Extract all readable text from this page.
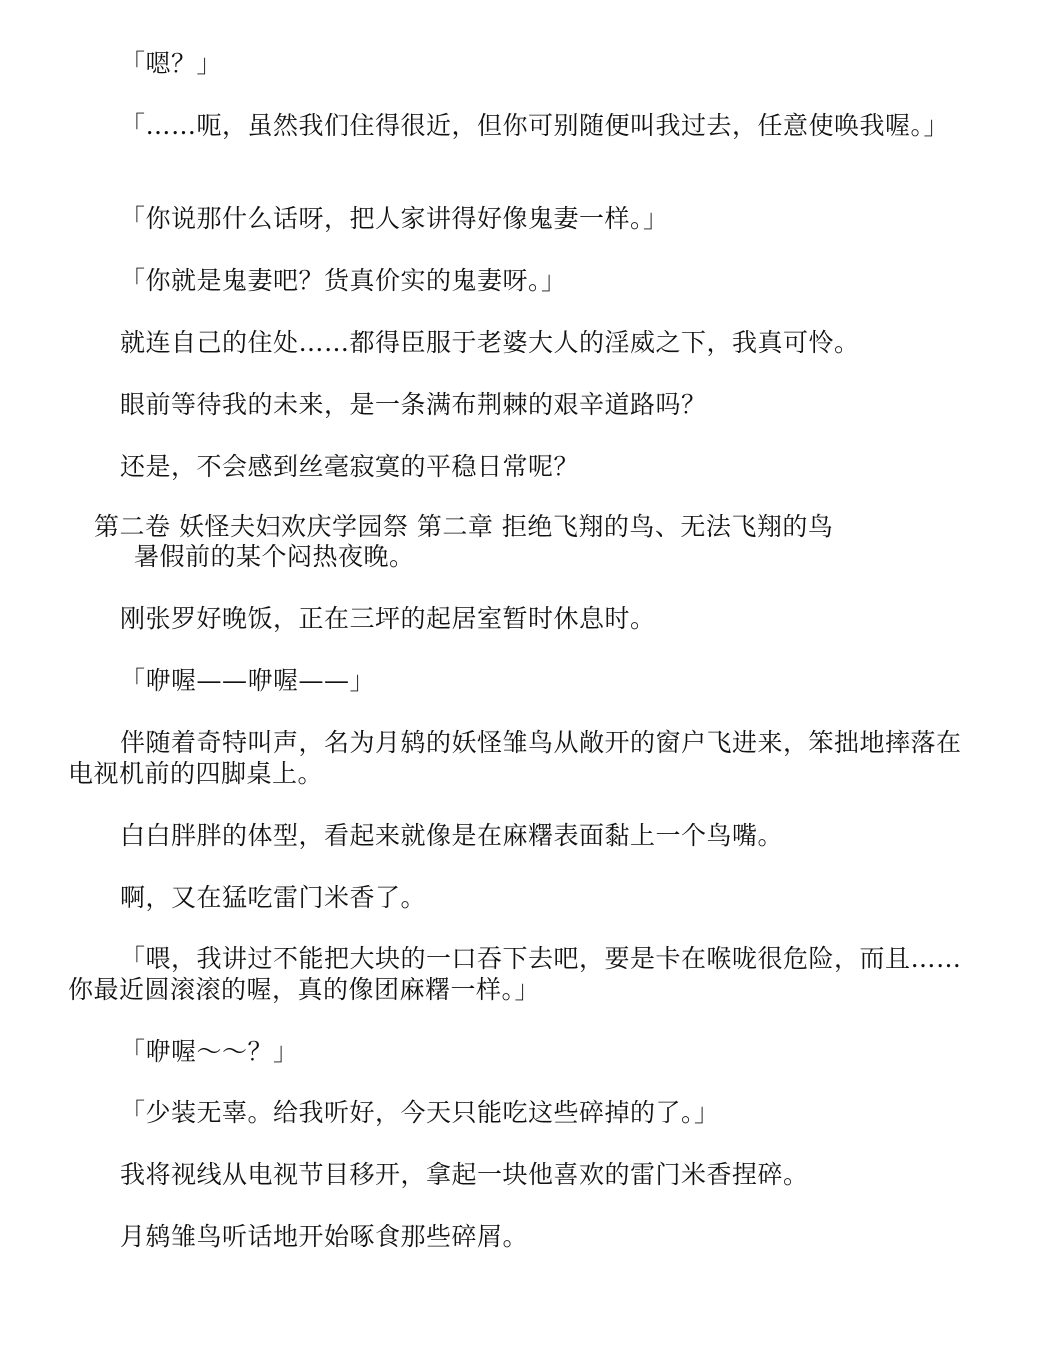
「嗯？」

「……呃，虽然我们住得很近，但你可别随便叫我过去，任意使唤我喔。」

「你说那什么话呀，把人家讲得好像鬼妻一样。」

「你就是鬼妻吧？货真价实的鬼妻呀。」

就连自己的住处……都得臣服于老婆大人的淫威之下，我真可怜。

眼前等待我的未来，是一条满布荆棘的艰辛道路吗？

还是，不会感到丝毫寂寞的平稳日常呢？

第二卷 妖怪夫妇欢庆学园祭 第二章 拒绝飞翔的鸟、无法飞翔的鸟

暑假前的某个闷热夜晚。

刚张罗好晚饭，正在三坪的起居室暂时休息时。

「咿喔——咿喔——」

伴随着奇特叫声，名为月鸫的妖怪雏鸟从敞开的窗户飞进来，笨拙地摔落在电视机前的四脚桌上。

白白胖胖的体型，看起来就像是在麻糬表面黏上一个鸟嘴。

啊，又在猛吃雷门米香了。

「喂，我讲过不能把大块的一口吞下去吧，要是卡在喉咙很危险，而且……你最近圆滚滚的喔，真的像团麻糬一样。」

「咿喔～～？」

「少装无辜。给我听好，今天只能吃这些碎掉的了。」

我将视线从电视节目移开，拿起一块他喜欢的雷门米香捏碎。

月鸫雏鸟听话地开始啄食那些碎屑。
